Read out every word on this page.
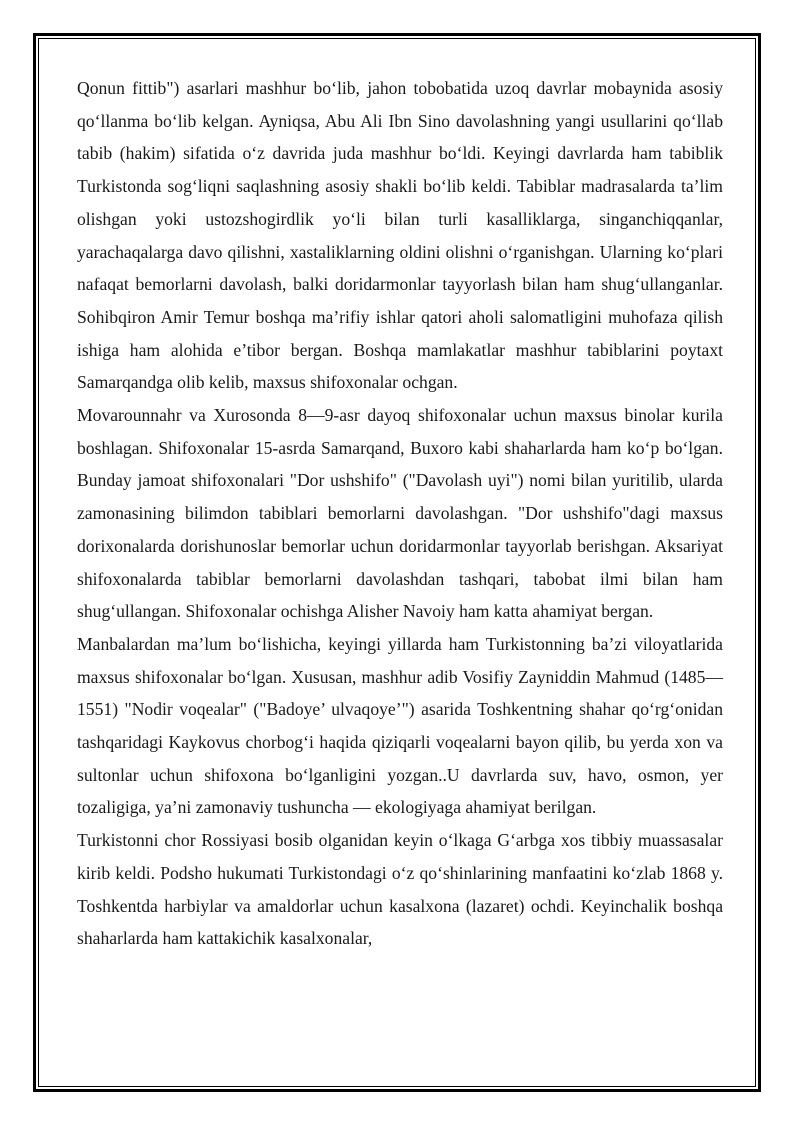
Qonun fittib") asarlari mashhur bo‘lib, jahon tobobatida uzoq davrlar mobaynida asosiy qo‘llanma bo‘lib kelgan. Ayniqsa, Abu Ali Ibn Sino davolashning yangi usullarini qo‘llab tabib (hakim) sifatida o‘z davrida juda mashhur bo‘ldi. Keyingi davrlarda ham tabiblik Turkistonda sog‘liqni saqlashning asosiy shakli bo‘lib keldi. Tabiblar madrasalarda ta’lim olishgan yoki ustozshogirdlik yo‘li bilan turli kasalliklarga, singanchiqqanlar, yarachaqalarga davo qilishni, xastaliklarning oldini olishni o‘rganishgan. Ularning ko‘plari nafaqat bemorlarni davolash, balki doridarmonlar tayyorlash bilan ham shug‘ullanganlar. Sohibqiron Amir Temur boshqa ma’rifiy ishlar qatori aholi salomatligini muhofaza qilish ishiga ham alohida e’tibor bergan. Boshqa mamlakatlar mashhur tabiblarini poytaxt Samarqandga olib kelib, maxsus shifoxonalar ochgan.

Movarounnahr va Xurosonda 8—9-asr dayoq shifoxonalar uchun maxsus binolar kurila boshlagan. Shifoxonalar 15-asrda Samarqand, Buxoro kabi shaharlarda ham ko‘p bo‘lgan. Bunday jamoat shifoxonalari "Dor ushshifo" ("Davolash uyi") nomi bilan yuritilib, ularda zamonasining bilimdon tabiblari bemorlarni davolashgan. "Dor ushshifo"dagi maxsus dorixonalarda dorishunoslar bemorlar uchun doridarmonlar tayyorlab berishgan. Aksariyat shifoxonalarda tabiblar bemorlarni davolashdan tashqari, tabobat ilmi bilan ham shug‘ullangan. Shifoxonalar ochishga Alisher Navoiy ham katta ahamiyat bergan.

Manbalardan ma’lum bo‘lishicha, keyingi yillarda ham Turkistonning ba’zi viloyatlarida maxsus shifoxonalar bo‘lgan. Xususan, mashhur adib Vosifiy Zayniddin Mahmud (1485— 1551) "Nodir voqealar" ("Badoye’ ulvaqoye’") asarida Toshkentning shahar qo‘rg‘onidan tashqaridagi Kaykovus chorbog‘i haqida qiziqarli voqealarni bayon qilib, bu yerda xon va sultonlar uchun shifoxona bo‘lganligini yozgan..U davrlarda suv, havo, osmon, yer tozaligiga, ya’ni zamonaviy tushuncha — ekologiyaga ahamiyat berilgan.

Turkistonni chor Rossiyasi bosib olganidan keyin o‘lkaga G‘arbga xos tibbiy muassasalar kirib keldi. Podsho hukumati Turkistondagi o‘z qo‘shinlarining manfaatini ko‘zlab 1868 y. Toshkentda harbiylar va amaldorlar uchun kasalxona (lazaret) ochdi. Keyinchalik boshqa shaharlarda ham kattakichik kasalxonalar,
